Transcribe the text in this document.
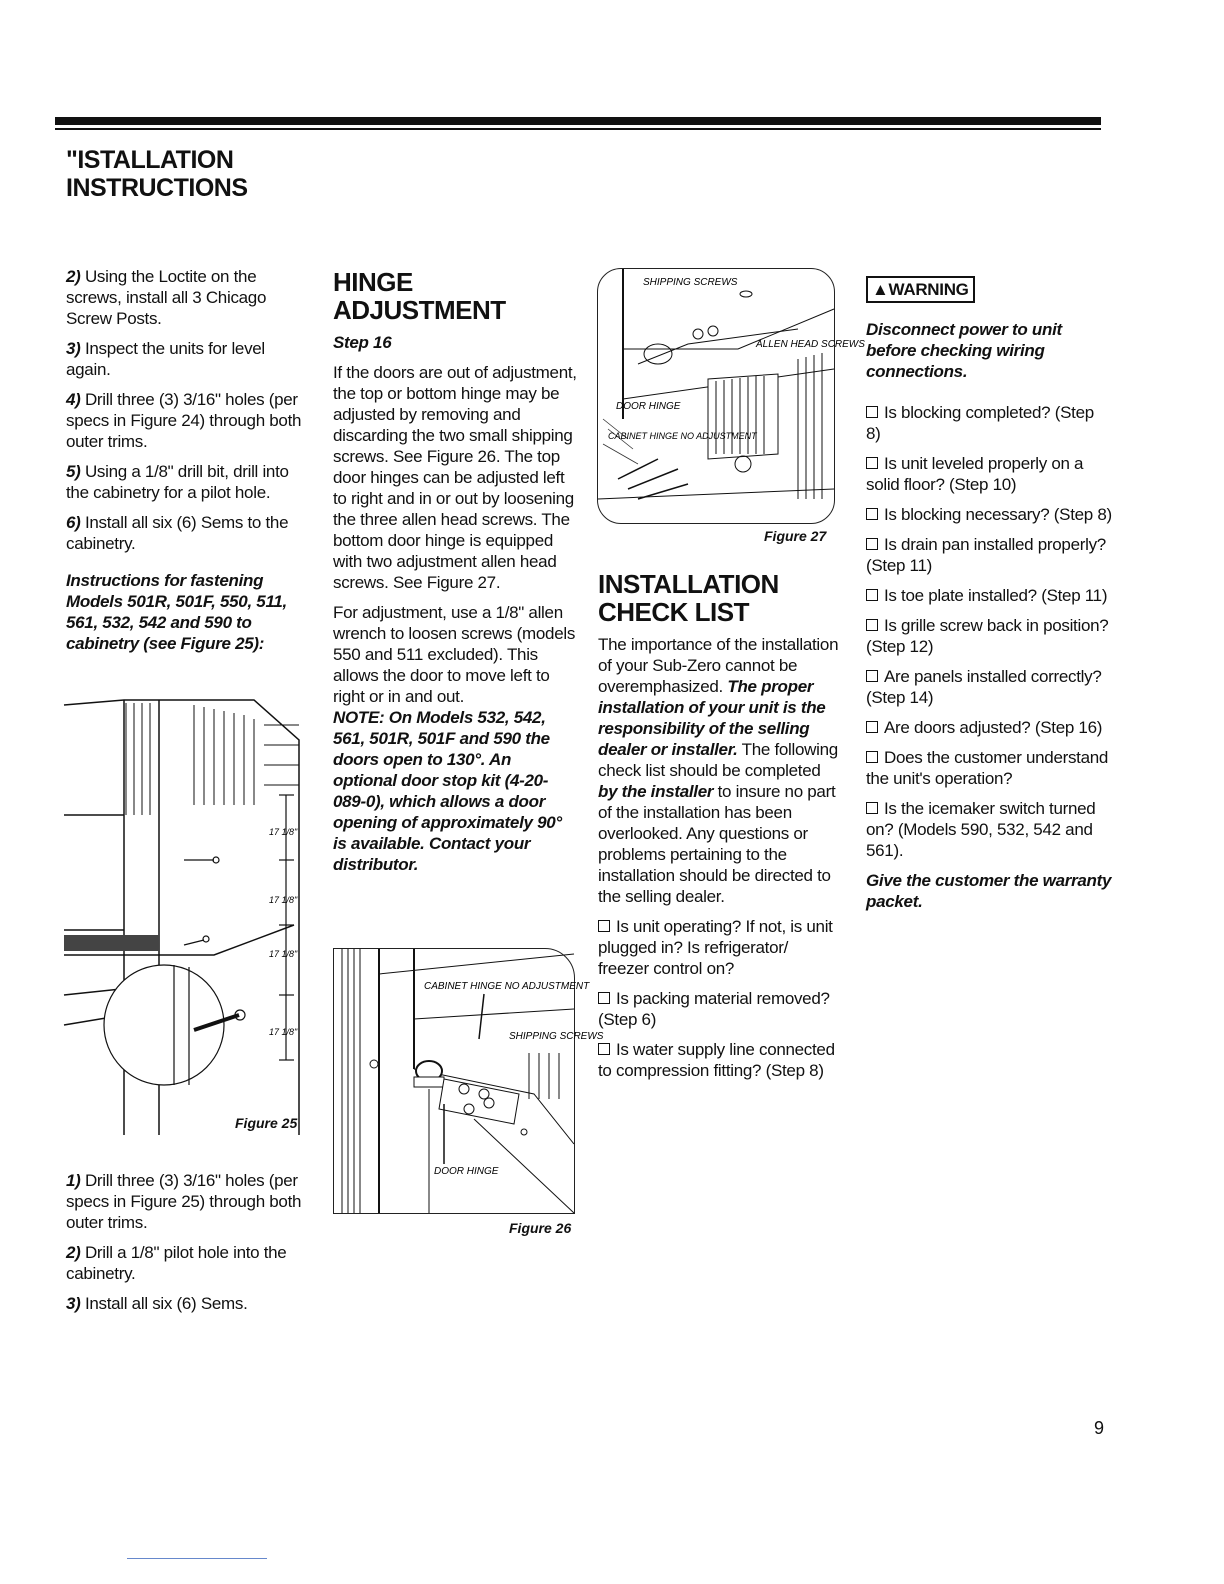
"ISTALLATION
INSTRUCTIONS

2) Using the Loctite on the screws, install all 3 Chicago Screw Posts.

3) Inspect the units for level again.

4) Drill three (3) 3/16" holes (per specs in Figure 24) through both outer trims.

5) Using a 1/8" drill bit, drill into the cabinetry for a pilot hole.

6) Install all six (6) Sems to the cabinetry.

Instructions for fastening Models 501R, 501F, 550, 511, 561, 532, 542 and 590 to cabinetry (see Figure 25):

17 1/8"
17 1/8"
17 1/8"
17 1/8"
Figure 25

1) Drill three (3) 3/16" holes (per specs in Figure 25) through both outer trims.

2) Drill a 1/8" pilot hole into the cabinetry.

3) Install all six (6) Sems.

HINGE ADJUSTMENT

Step 16

If the doors are out of adjustment, the top or bottom hinge may be adjusted by removing and discarding the two small shipping screws. See Figure 26. The top door hinges can be adjusted left to right and in or out by loosening the three allen head screws. The bottom door hinge is equipped with two adjustment allen head screws. See Figure 27.

For adjustment, use a 1/8" allen wrench to loosen screws (models 550 and 511 excluded). This allows the door to move left to right or in and out.

NOTE: On Models 532, 542, 561, 501R, 501F and 590 the doors open to 130°. An optional door stop kit (4-20-089-0), which allows a door opening of approximately 90° is available. Contact your distributor.

CABINET HINGE NO ADJUSTMENT
SHIPPING SCREWS
DOOR HINGE
Figure 26
SHIPPING SCREWS
ALLEN HEAD SCREWS
DOOR HINGE
CABINET HINGE NO ADJUSTMENT
Figure 27
INSTALLATION CHECK LIST

The importance of the installation of your Sub-Zero cannot be overemphasized. The proper installation of your unit is the responsibility of the selling dealer or installer. The following check list should be completed by the installer to insure no part of the installation has been overlooked. Any questions or problems pertaining to the installation should be directed to the selling dealer.

Is unit operating? If not, is unit plugged in? Is refrigerator/ freezer control on?

Is packing material removed? (Step 6)

Is water supply line connected to compression fitting? (Step 8)

▲WARNING

Disconnect power to unit before checking wiring connections.

Is blocking completed? (Step 8)

Is unit leveled properly on a solid floor? (Step 10)

Is blocking necessary? (Step 8)

Is drain pan installed properly? (Step 11)

Is toe plate installed? (Step 11)

Is grille screw back in position? (Step 12)

Are panels installed correctly? (Step 14)

Are doors adjusted? (Step 16)

Does the customer understand the unit's operation?

Is the icemaker switch turned on? (Models 590, 532, 542 and 561).

Give the customer the warranty packet.

9
